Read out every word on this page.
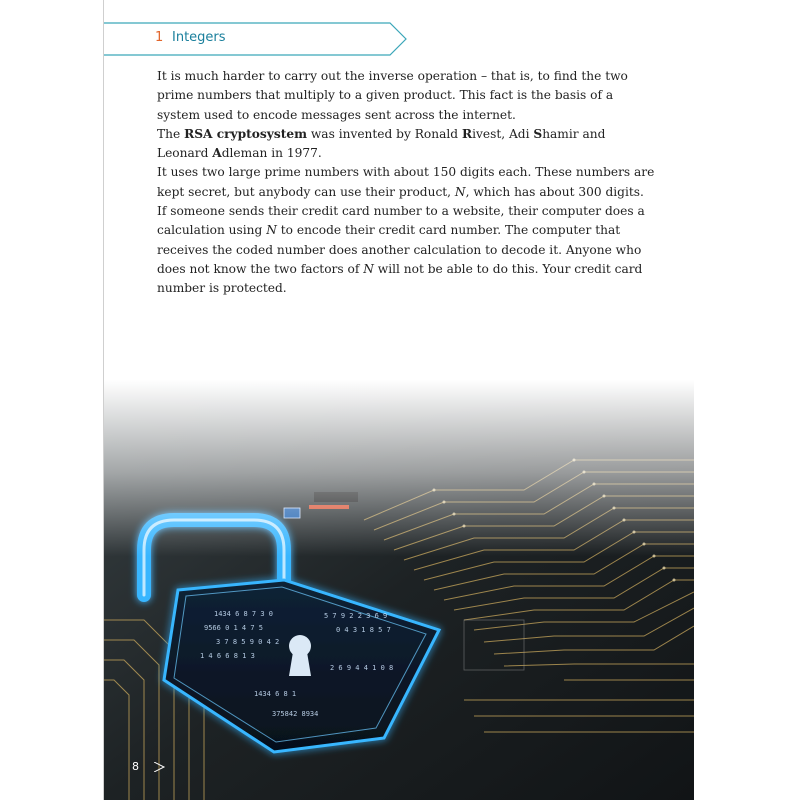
1 Integers

It is much harder to carry out the inverse operation – that is, to find the two prime numbers that multiply to a given product. This fact is the basis of a system used to encode messages sent across the internet.

The RSA cryptosystem was invented by Ronald Rivest, Adi Shamir and Leonard Adleman in 1977.

It uses two large prime numbers with about 150 digits each. These numbers are kept secret, but anybody can use their product, N, which has about 300 digits.

If someone sends their credit card number to a website, their computer does a calculation using N to encode their credit card number. The computer that receives the coded number does another calculation to decode it. Anyone who does not know the two factors of N will not be able to do this. Your credit card number is protected.

8
